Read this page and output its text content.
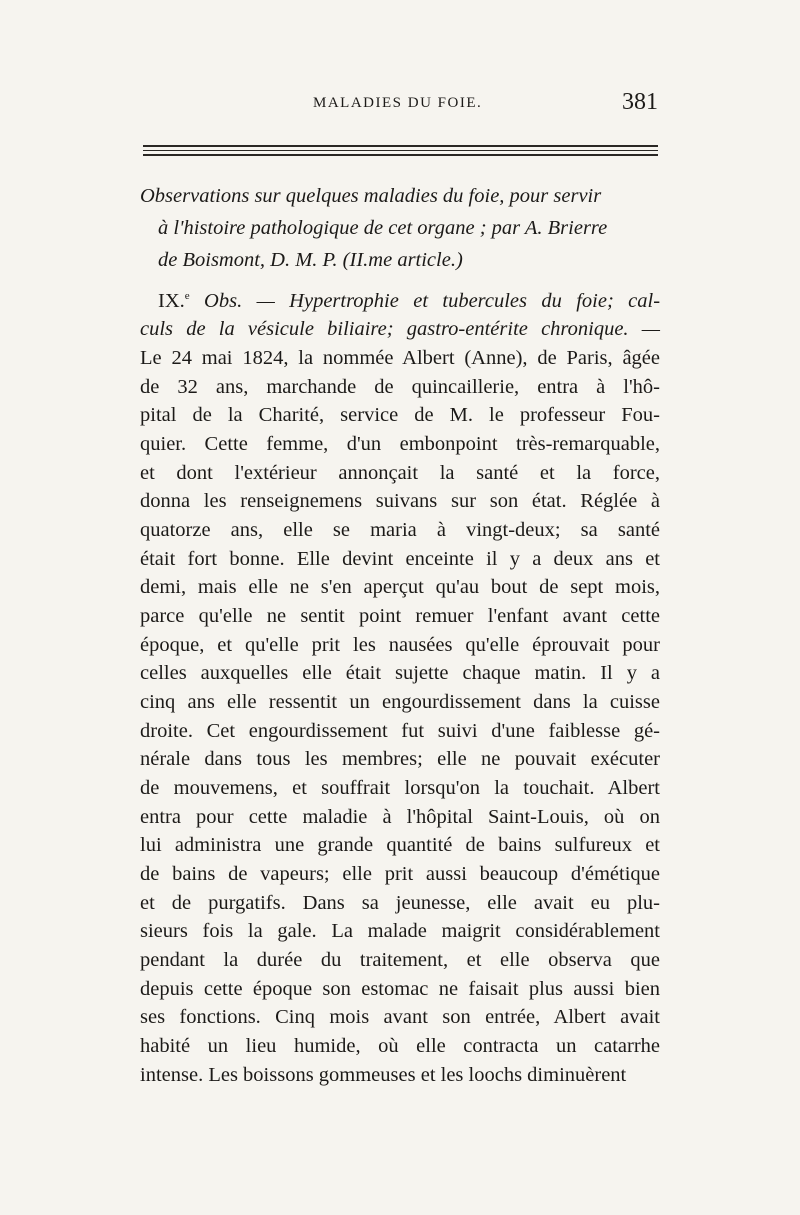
MALADIES DU FOIE.	381
Observations sur quelques maladies du foie, pour servir
à l'histoire pathologique de cet organe ; par A. Brierre
de Boismont, D. M. P. (II.me article.)
IX.$^e$ Obs. — Hypertrophie et tubercules du foie; cal-
culs de la vésicule biliaire; gastro-entérite chronique. —
Le 24 mai 1824, la nommée Albert (Anne), de Paris, âgée
de 32 ans, marchande de quincaillerie, entra à l'hô-
pital de la Charité, service de M. le professeur Fou-
quier. Cette femme, d'un embonpoint très-remarquable,
et dont l'extérieur annonçait la santé et la force,
donna les renseignemens suivans sur son état. Réglée à
quatorze ans, elle se maria à vingt-deux; sa santé
était fort bonne. Elle devint enceinte il y a deux ans et
demi, mais elle ne s'en aperçut qu'au bout de sept mois,
parce qu'elle ne sentit point remuer l'enfant avant cette
époque, et qu'elle prit les nausées qu'elle éprouvait pour
celles auxquelles elle était sujette chaque matin. Il y a
cinq ans elle ressentit un engourdissement dans la cuisse
droite. Cet engourdissement fut suivi d'une faiblesse gé-
nérale dans tous les membres; elle ne pouvait exécuter
de mouvemens, et souffrait lorsqu'on la touchait. Albert
entra pour cette maladie à l'hôpital Saint-Louis, où on
lui administra une grande quantité de bains sulfureux et
de bains de vapeurs; elle prit aussi beaucoup d'émétique
et de purgatifs. Dans sa jeunesse, elle avait eu plu-
sieurs fois la gale. La malade maigrit considérablement
pendant la durée du traitement, et elle observa que
depuis cette époque son estomac ne faisait plus aussi bien
ses fonctions. Cinq mois avant son entrée, Albert avait
habité un lieu humide, où elle contracta un catarrhe
intense. Les boissons gommeuses et les loochs diminuèrent
